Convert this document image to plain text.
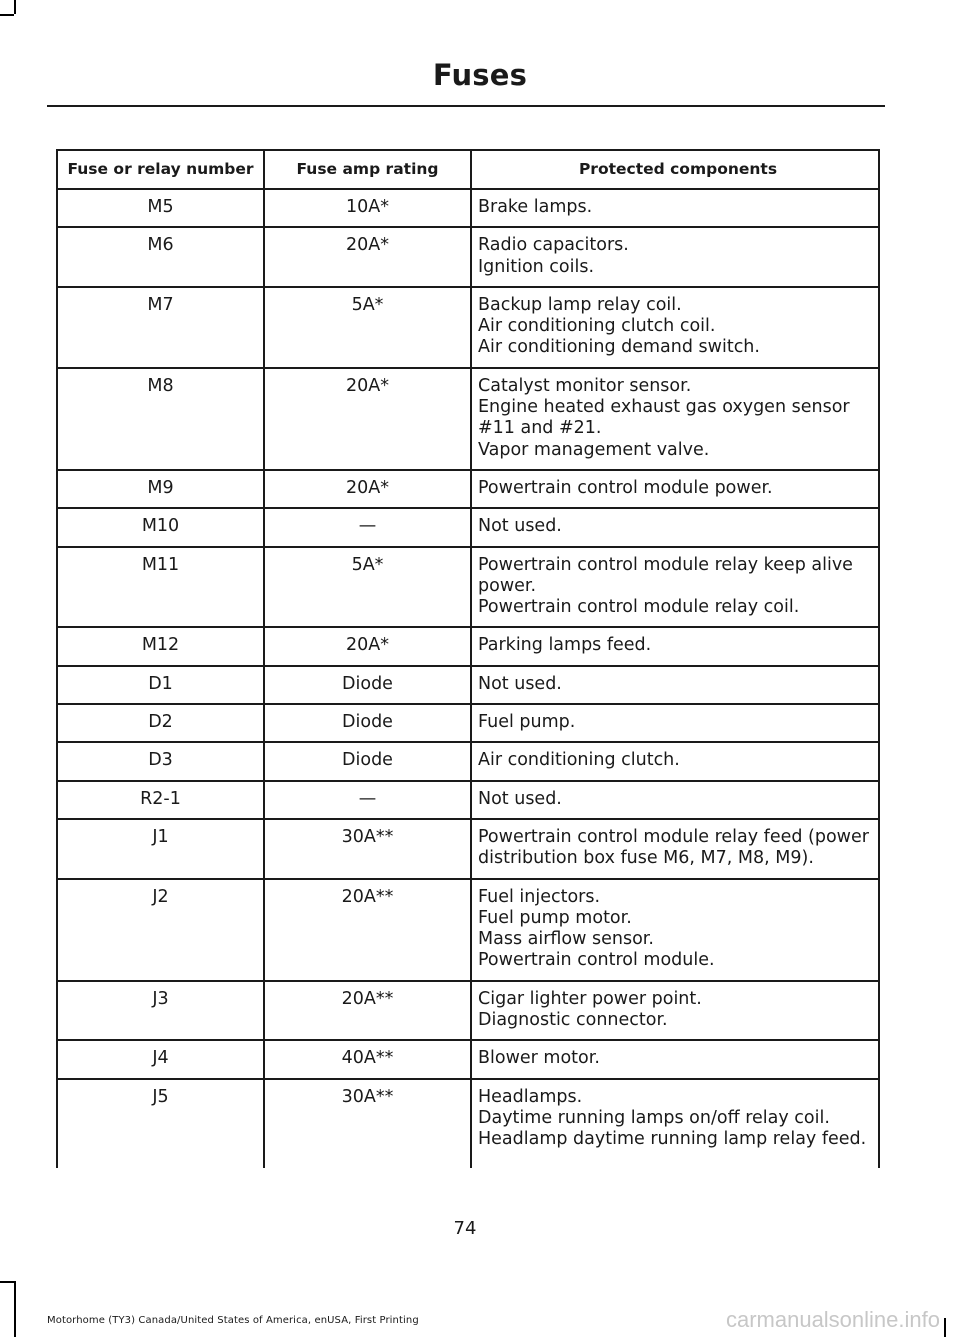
Fuses
Fuse or relay number	Fuse amp rating	Protected components
M5	10A*	Brake lamps.

M6	20A*	Radio capacitors.
Ignition coils.

M7	5A*	Backup lamp relay coil.
Air conditioning clutch coil.
Air conditioning demand switch.

M8	20A*	Catalyst monitor sensor.
Engine heated exhaust gas oxygen sensor #11 and #21.
Vapor management valve.

M9	20A*	Powertrain control module power.

M10	—	Not used.

M11	5A*	Powertrain control module relay keep alive power.
Powertrain control module relay coil.

M12	20A*	Parking lamps feed.

D1	Diode	Not used.

D2	Diode	Fuel pump.

D3	Diode	Air conditioning clutch.

R2-1	—	Not used.

J1	30A**	Powertrain control module relay feed (power distribution box fuse M6, M7, M8, M9).

J2	20A**	Fuel injectors.
Fuel pump motor.
Mass airflow sensor.
Powertrain control module.

J3	20A**	Cigar lighter power point.
Diagnostic connector.

J4	40A**	Blower motor.

J5	30A**	Headlamps.
Daytime running lamps on/off relay coil.
Headlamp daytime running lamp relay feed.
74
Motorhome (TY3) Canada/United States of America, enUSA, First Printing	carmanualsonline.info
